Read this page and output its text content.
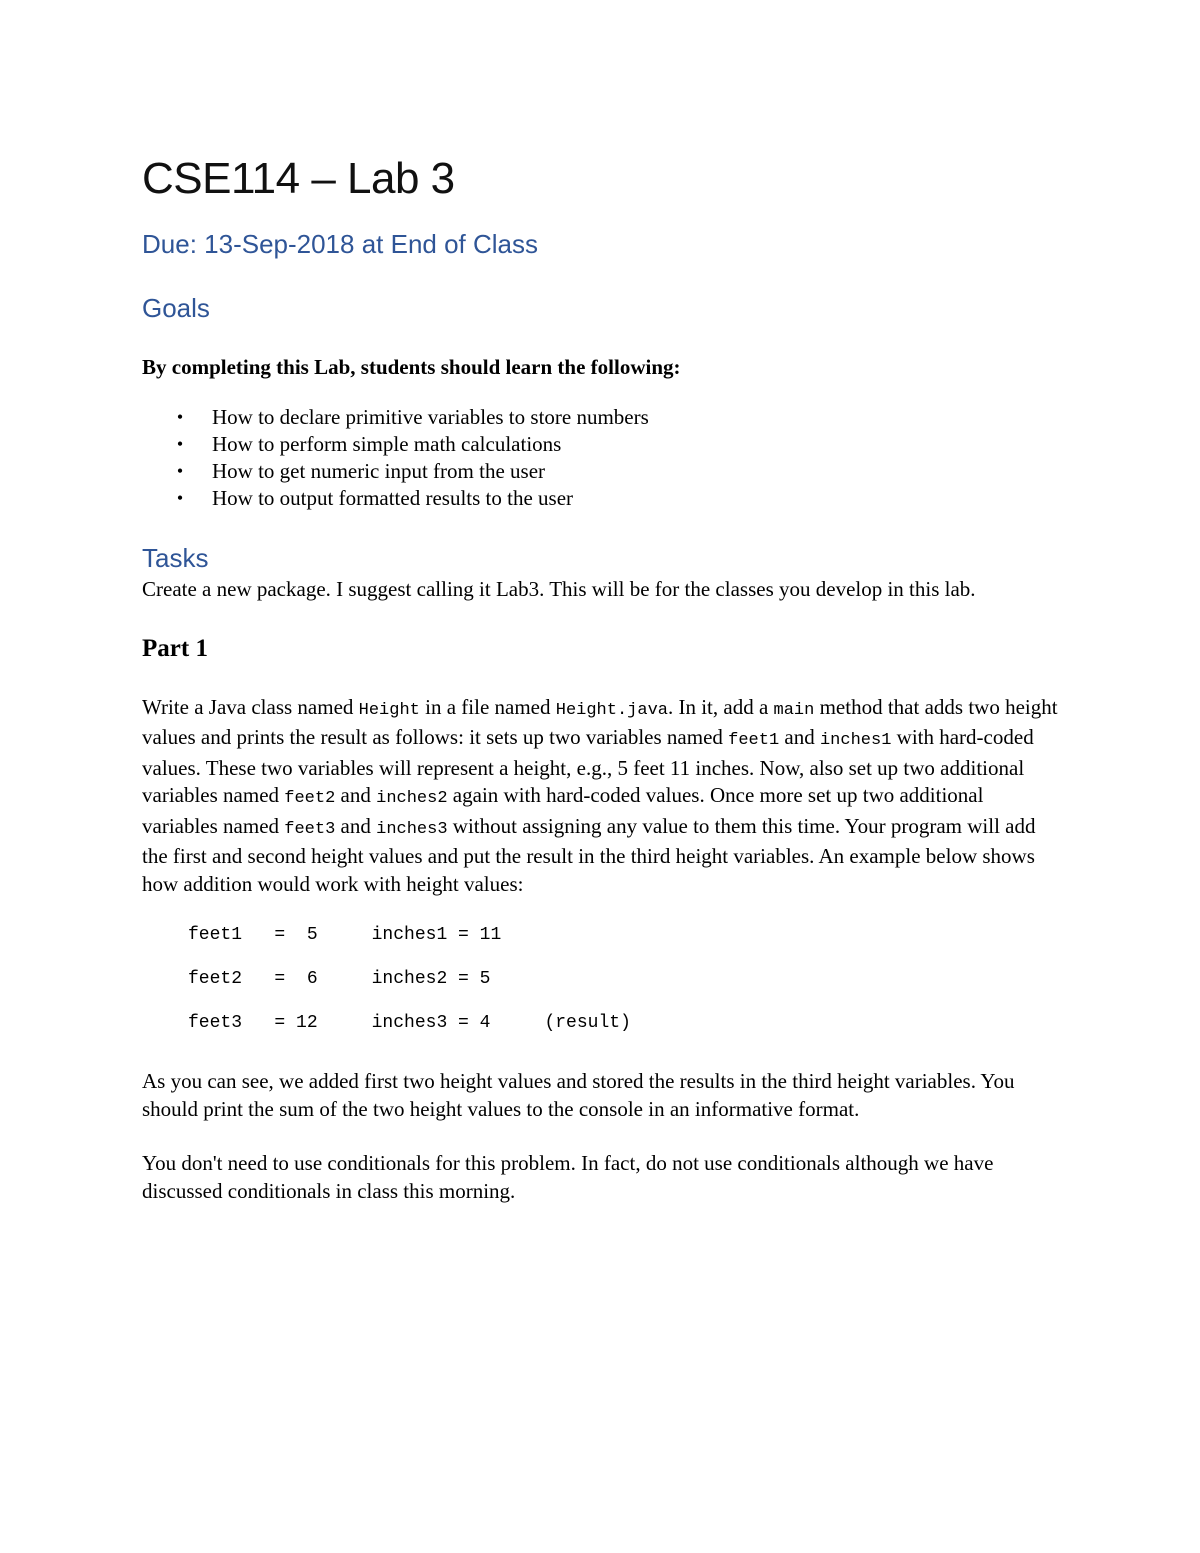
CSE114 – Lab 3
Due: 13-Sep-2018 at End of Class
Goals

By completing this Lab, students should learn the following:

• How to declare primitive variables to store numbers
• How to perform simple math calculations
• How to get numeric input from the user
• How to output formatted results to the user
Tasks

Create a new package. I suggest calling it Lab3. This will be for the classes you develop in this lab.

Part 1

Write a Java class named Height in a file named Height.java. In it, add a main method that adds two height values and prints the result as follows: it sets up two variables named feet1 and inches1 with hard-coded values. These two variables will represent a height, e.g., 5 feet 11 inches. Now, also set up two additional variables named feet2 and inches2 again with hard-coded values. Once more set up two additional variables named feet3 and inches3 without assigning any value to them this time. Your program will add the first and second height values and put the result in the third height variables. An example below shows how addition would work with height values:

feet1   =  5     inches1 = 11
feet2   =  6     inches2 = 5
feet3   = 12     inches3 = 4     (result)

As you can see, we added first two height values and stored the results in the third height variables. You should print the sum of the two height values to the console in an informative format.

You don't need to use conditionals for this problem. In fact, do not use conditionals although we have discussed conditionals in class this morning.
